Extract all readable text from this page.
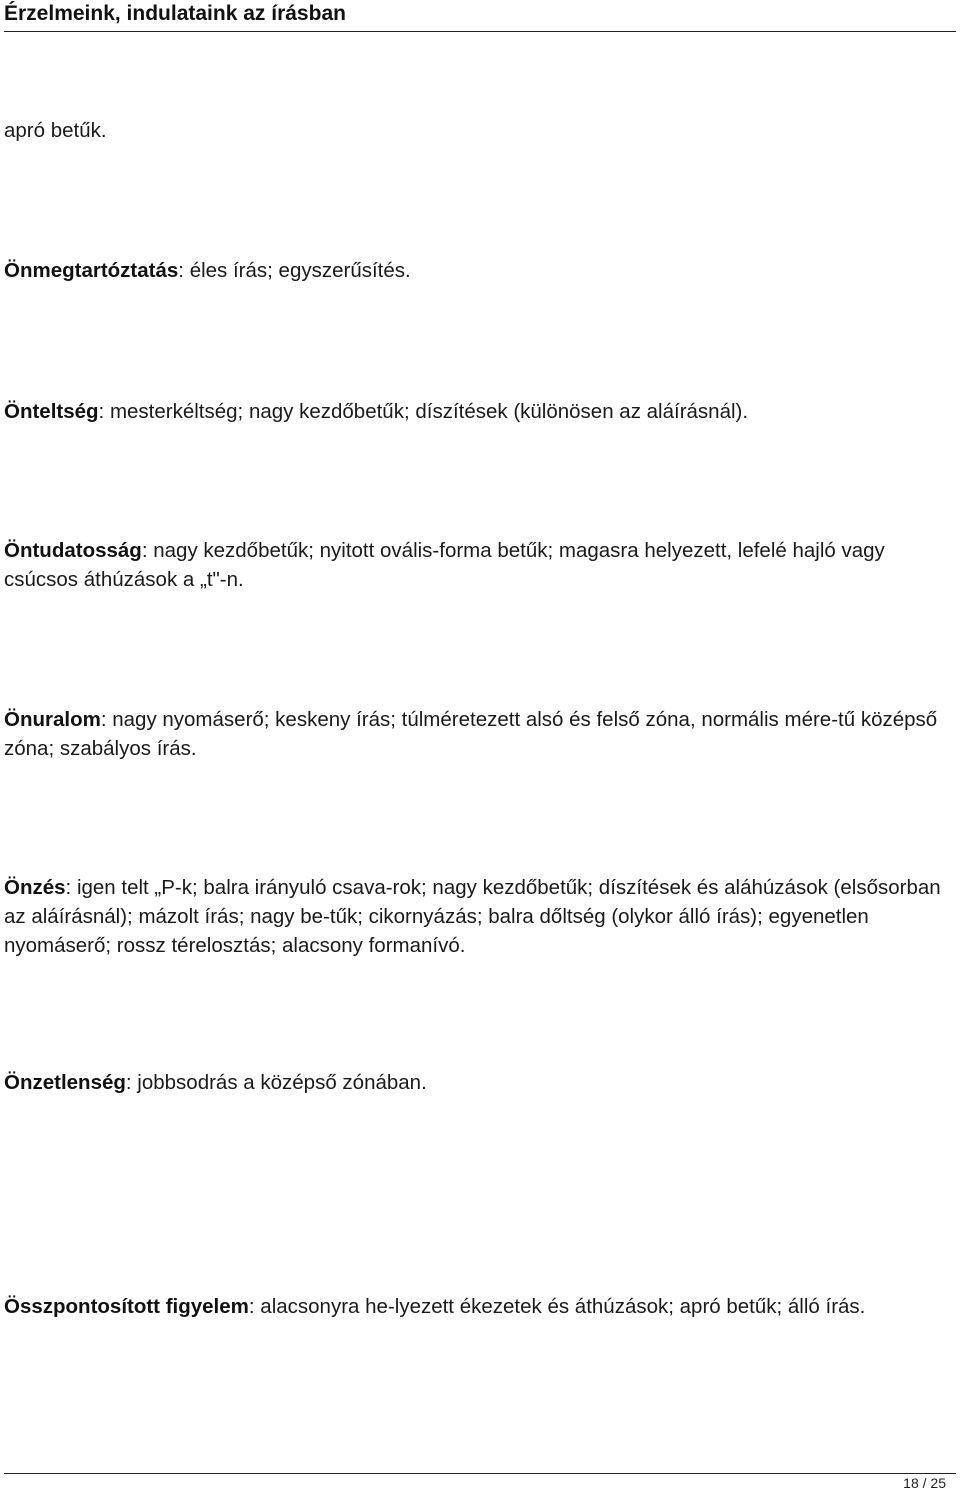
Érzelmeink, indulataink az írásban

apró betűk.

Önmegtartóztatás: éles írás; egyszerűsítés.

Önteltség: mesterkéltség; nagy kezdőbetűk; díszítések (különösen az aláírásnál).

Öntudatosság: nagy kezdőbetűk; nyitott ovális-forma betűk; magasra helyezett, lefelé hajló vagy csúcsos áthúzások a „t"-n.

Önuralom: nagy nyomáserő; keskeny írás; túlméretezett alsó és felső zóna, normális mére-tű középső zóna; szabályos írás.

Önzés: igen telt „P-k; balra irányuló csava-rok; nagy kezdőbetűk; díszítések és aláhúzások (elsősorban az aláírásnál); mázolt írás; nagy be-tűk; cikornyázás; balra dőltség (olykor álló írás); egyenetlen nyomáserő; rossz térelosztás; alacsony formanívó.

Önzetlenség: jobbsodrás a középső zónában.

Összpontosított figyelem: alacsonyra he-lyezett ékezetek és áthúzások; apró betűk; álló írás.

18 / 25
